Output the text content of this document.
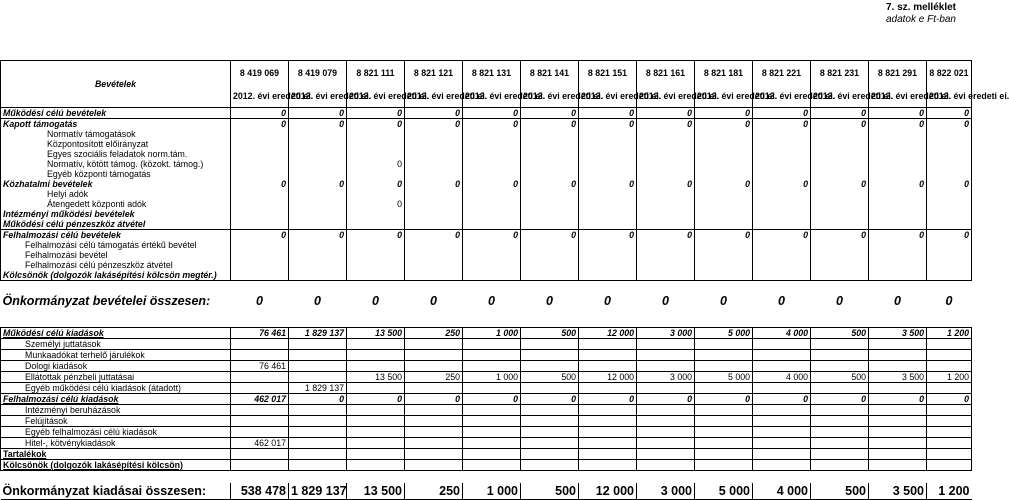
7. sz. melléklet
adatok e Ft-ban
Bevételek	8 419 069	8 419 079	8 821 111	8 821 121	8 821 131	8 821 141	8 821 151	8 821 161	8 821 181	8 821 221	8 821 231	8 821 291	8 822 021
	2012. évi eredeti ei.	2012. évi eredeti ei.	2012. évi eredeti ei.	2012. évi eredeti ei.	2012. évi eredeti ei.	2012. évi eredeti ei.	2012. évi eredeti ei.	2012. évi eredeti ei.	2012. évi eredeti ei.	2012. évi eredeti ei.	2012. évi eredeti ei.	2012. évi eredeti ei.	2012. évi eredeti ei.
Működési célú bevételek	0	0	0	0	0	0	0	0	0	0	0	0	0
Kapott támogatás	0	0	0	0	0	0	0	0	0	0	0	0	0
Normatív támogatások													
Központosított előirányzat													
Egyes szociális feladatok norm.tám.													
Normatív, kötött támog. (közokt. támog.)			0										
Egyéb központi támogatás													
Közhatalmi bevételek	0	0	0	0	0	0	0	0	0	0	0	0	0
Helyi adók													
Átengedett központi adók			0										
Intézményi működési bevételek													
Működési célú pénzeszköz átvétel													
Felhalmozási célú bevételek	0	0	0	0	0	0	0	0	0	0	0	0	0
Felhalmozási célú támogatás értékű bevétel													
Felhalmozási bevétel													
Felhalmozási célú pénzeszköz átvétel													
Kölcsönök (dolgozók lakásépítési kölcsön megtér.)													

Önkormányzat bevételei összesen:	0	0	0	0	0	0	0	0	0	0	0	0	0

Működési célú kiadások	76 461	1 829 137	13 500	250	1 000	500	12 000	3 000	5 000	4 000	500	3 500	1 200
Személyi juttatások													
Munkaadókat terhelő járulékok													
Dologi kiadások	76 461												
Ellátottak pénzbeli juttatásai			13 500	250	1 000	500	12 000	3 000	5 000	4 000	500	3 500	1 200
Egyéb működési célú kiadások (átadott)		1 829 137											
Felhalmozási célú kiadások	462 017	0	0	0	0	0	0	0	0	0	0	0	0
Intézményi beruházások													
Felújítások													
Egyéb felhalmozási célú kiadások													
Hitel-, kötvénykiadások	462 017												
Tartalékok													
Kölcsönök (dolgozók lakásépítési kölcsön)													

Önkormányzat kiadásai összesen:	538 478	1 829 137	13 500	250	1 000	500	12 000	3 000	5 000	4 000	500	3 500	1 200
